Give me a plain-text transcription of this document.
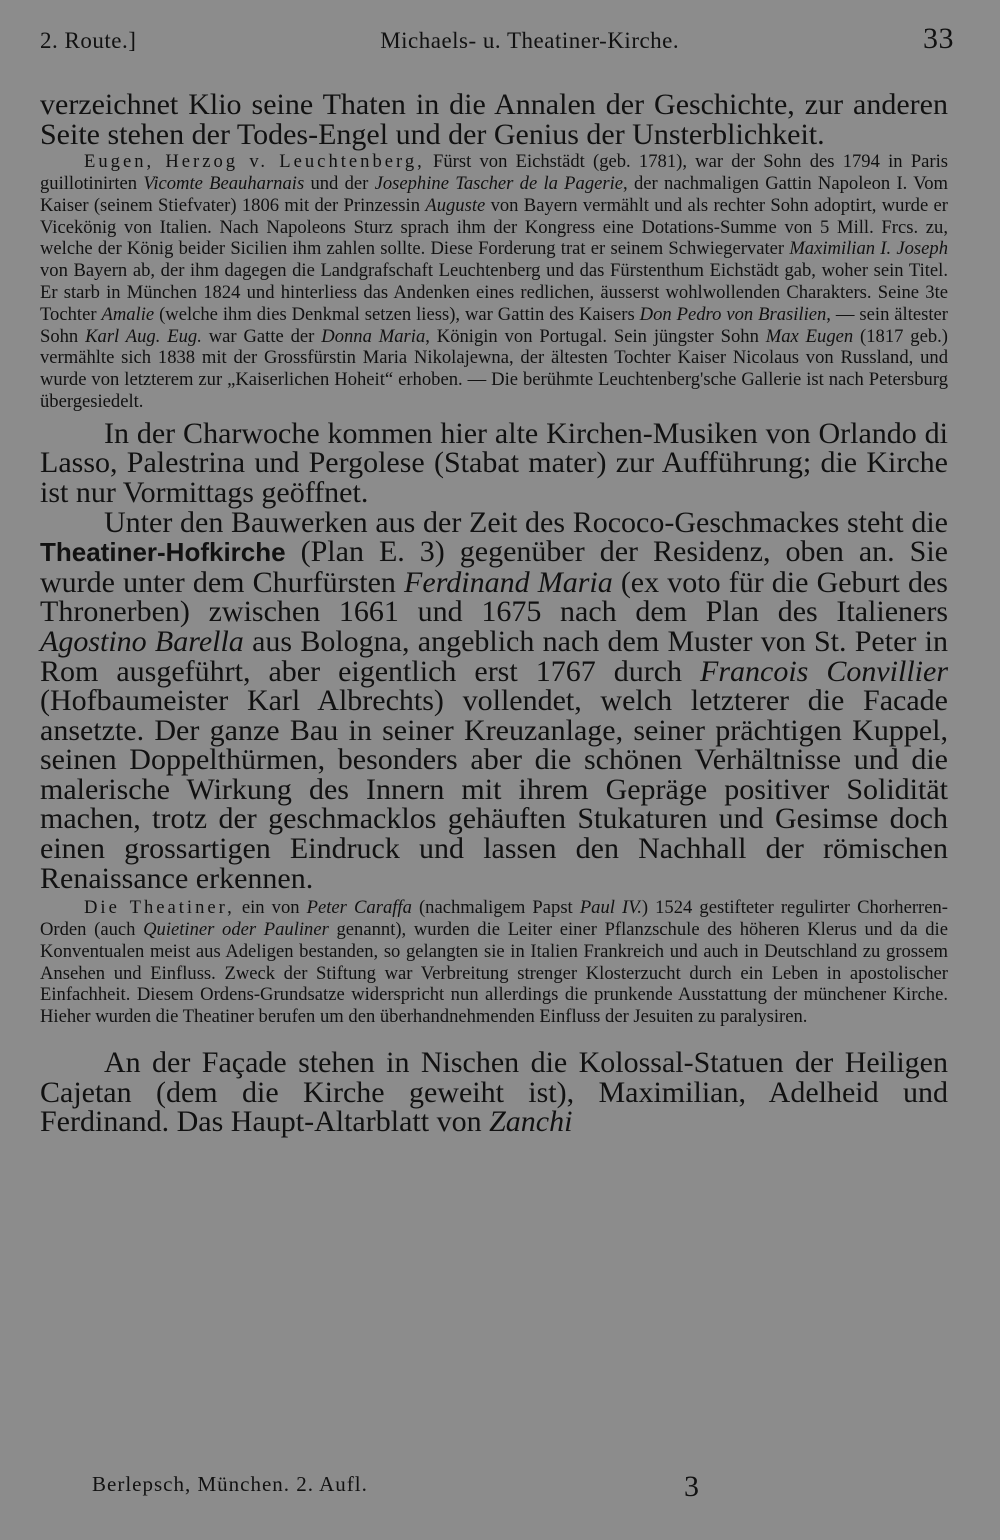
2. Route.]	Michaels- u. Theatiner-Kirche.	33

verzeichnet Klio seine Thaten in die Annalen der Geschichte, zur anderen Seite stehen der Todes-Engel und der Genius der Unsterblichkeit.

Eugen, Herzog v. Leuchtenberg, Fürst von Eichstädt (geb. 1781), war der Sohn des 1794 in Paris guillotinirten Vicomte Beauharnais und der Josephine Tascher de la Pagerie, der nachmaligen Gattin Napoleon I. Vom Kaiser (seinem Stiefvater) 1806 mit der Prinzessin Auguste von Bayern vermählt und als rechter Sohn adoptirt, wurde er Vicekönig von Italien. Nach Napoleons Sturz sprach ihm der Kongress eine Dotations-Summe von 5 Mill. Frcs. zu, welche der König beider Sicilien ihm zahlen sollte. Diese Forderung trat er seinem Schwiegervater Maximilian I. Joseph von Bayern ab, der ihm dagegen die Landgrafschaft Leuchtenberg und das Fürstenthum Eichstädt gab, woher sein Titel. Er starb in München 1824 und hinterliess das Andenken eines redlichen, äusserst wohlwollenden Charakters. Seine 3te Tochter Amalie (welche ihm dies Denkmal setzen liess), war Gattin des Kaisers Don Pedro von Brasilien, — sein ältester Sohn Karl Aug. Eug. war Gatte der Donna Maria, Königin von Portugal. Sein jüngster Sohn Max Eugen (1817 geb.) vermählte sich 1838 mit der Grossfürstin Maria Nikolajewna, der ältesten Tochter Kaiser Nicolaus von Russland, und wurde von letzterem zur „Kaiserlichen Hoheit“ erhoben. — Die berühmte Leuchtenberg'sche Gallerie ist nach Petersburg übergesiedelt.

In der Charwoche kommen hier alte Kirchen-Musiken von Orlando di Lasso, Palestrina und Pergolese (Stabat mater) zur Aufführung; die Kirche ist nur Vormittags geöffnet.

Unter den Bauwerken aus der Zeit des Rococo-Geschmackes steht die Theatiner-Hofkirche (Plan E. 3) gegenüber der Residenz, oben an. Sie wurde unter dem Churfürsten Ferdinand Maria (ex voto für die Geburt des Thronerben) zwischen 1661 und 1675 nach dem Plan des Italieners Agostino Barella aus Bologna, angeblich nach dem Muster von St. Peter in Rom ausgeführt, aber eigentlich erst 1767 durch Francois Convillier (Hofbaumeister Karl Albrechts) vollendet, welch letzterer die Facade ansetzte. Der ganze Bau in seiner Kreuzanlage, seiner prächtigen Kuppel, seinen Doppelthürmen, besonders aber die schönen Verhältnisse und die malerische Wirkung des Innern mit ihrem Gepräge positiver Solidität machen, trotz der geschmacklos gehäuften Stukaturen und Gesimse doch einen grossartigen Eindruck und lassen den Nachhall der römischen Renaissance erkennen.

Die Theatiner, ein von Peter Caraffa (nachmaligem Papst Paul IV.) 1524 gestifteter regulirter Chorherren-Orden (auch Quietiner oder Pauliner genannt), wurden die Leiter einer Pflanzschule des höheren Klerus und da die Konventualen meist aus Adeligen bestanden, so gelangten sie in Italien Frankreich und auch in Deutschland zu grossem Ansehen und Einfluss. Zweck der Stiftung war Verbreitung strenger Klosterzucht durch ein Leben in apostolischer Einfachheit. Diesem Ordens-Grundsatze widerspricht nun allerdings die prunkende Ausstattung der münchener Kirche. Hieher wurden die Theatiner berufen um den überhandnehmenden Einfluss der Jesuiten zu paralysiren.

An der Façade stehen in Nischen die Kolossal-Statuen der Heiligen Cajetan (dem die Kirche geweiht ist), Maximilian, Adelheid und Ferdinand. Das Haupt-Altarblatt von Zanchi

Berlepsch, München. 2. Aufl.	3
